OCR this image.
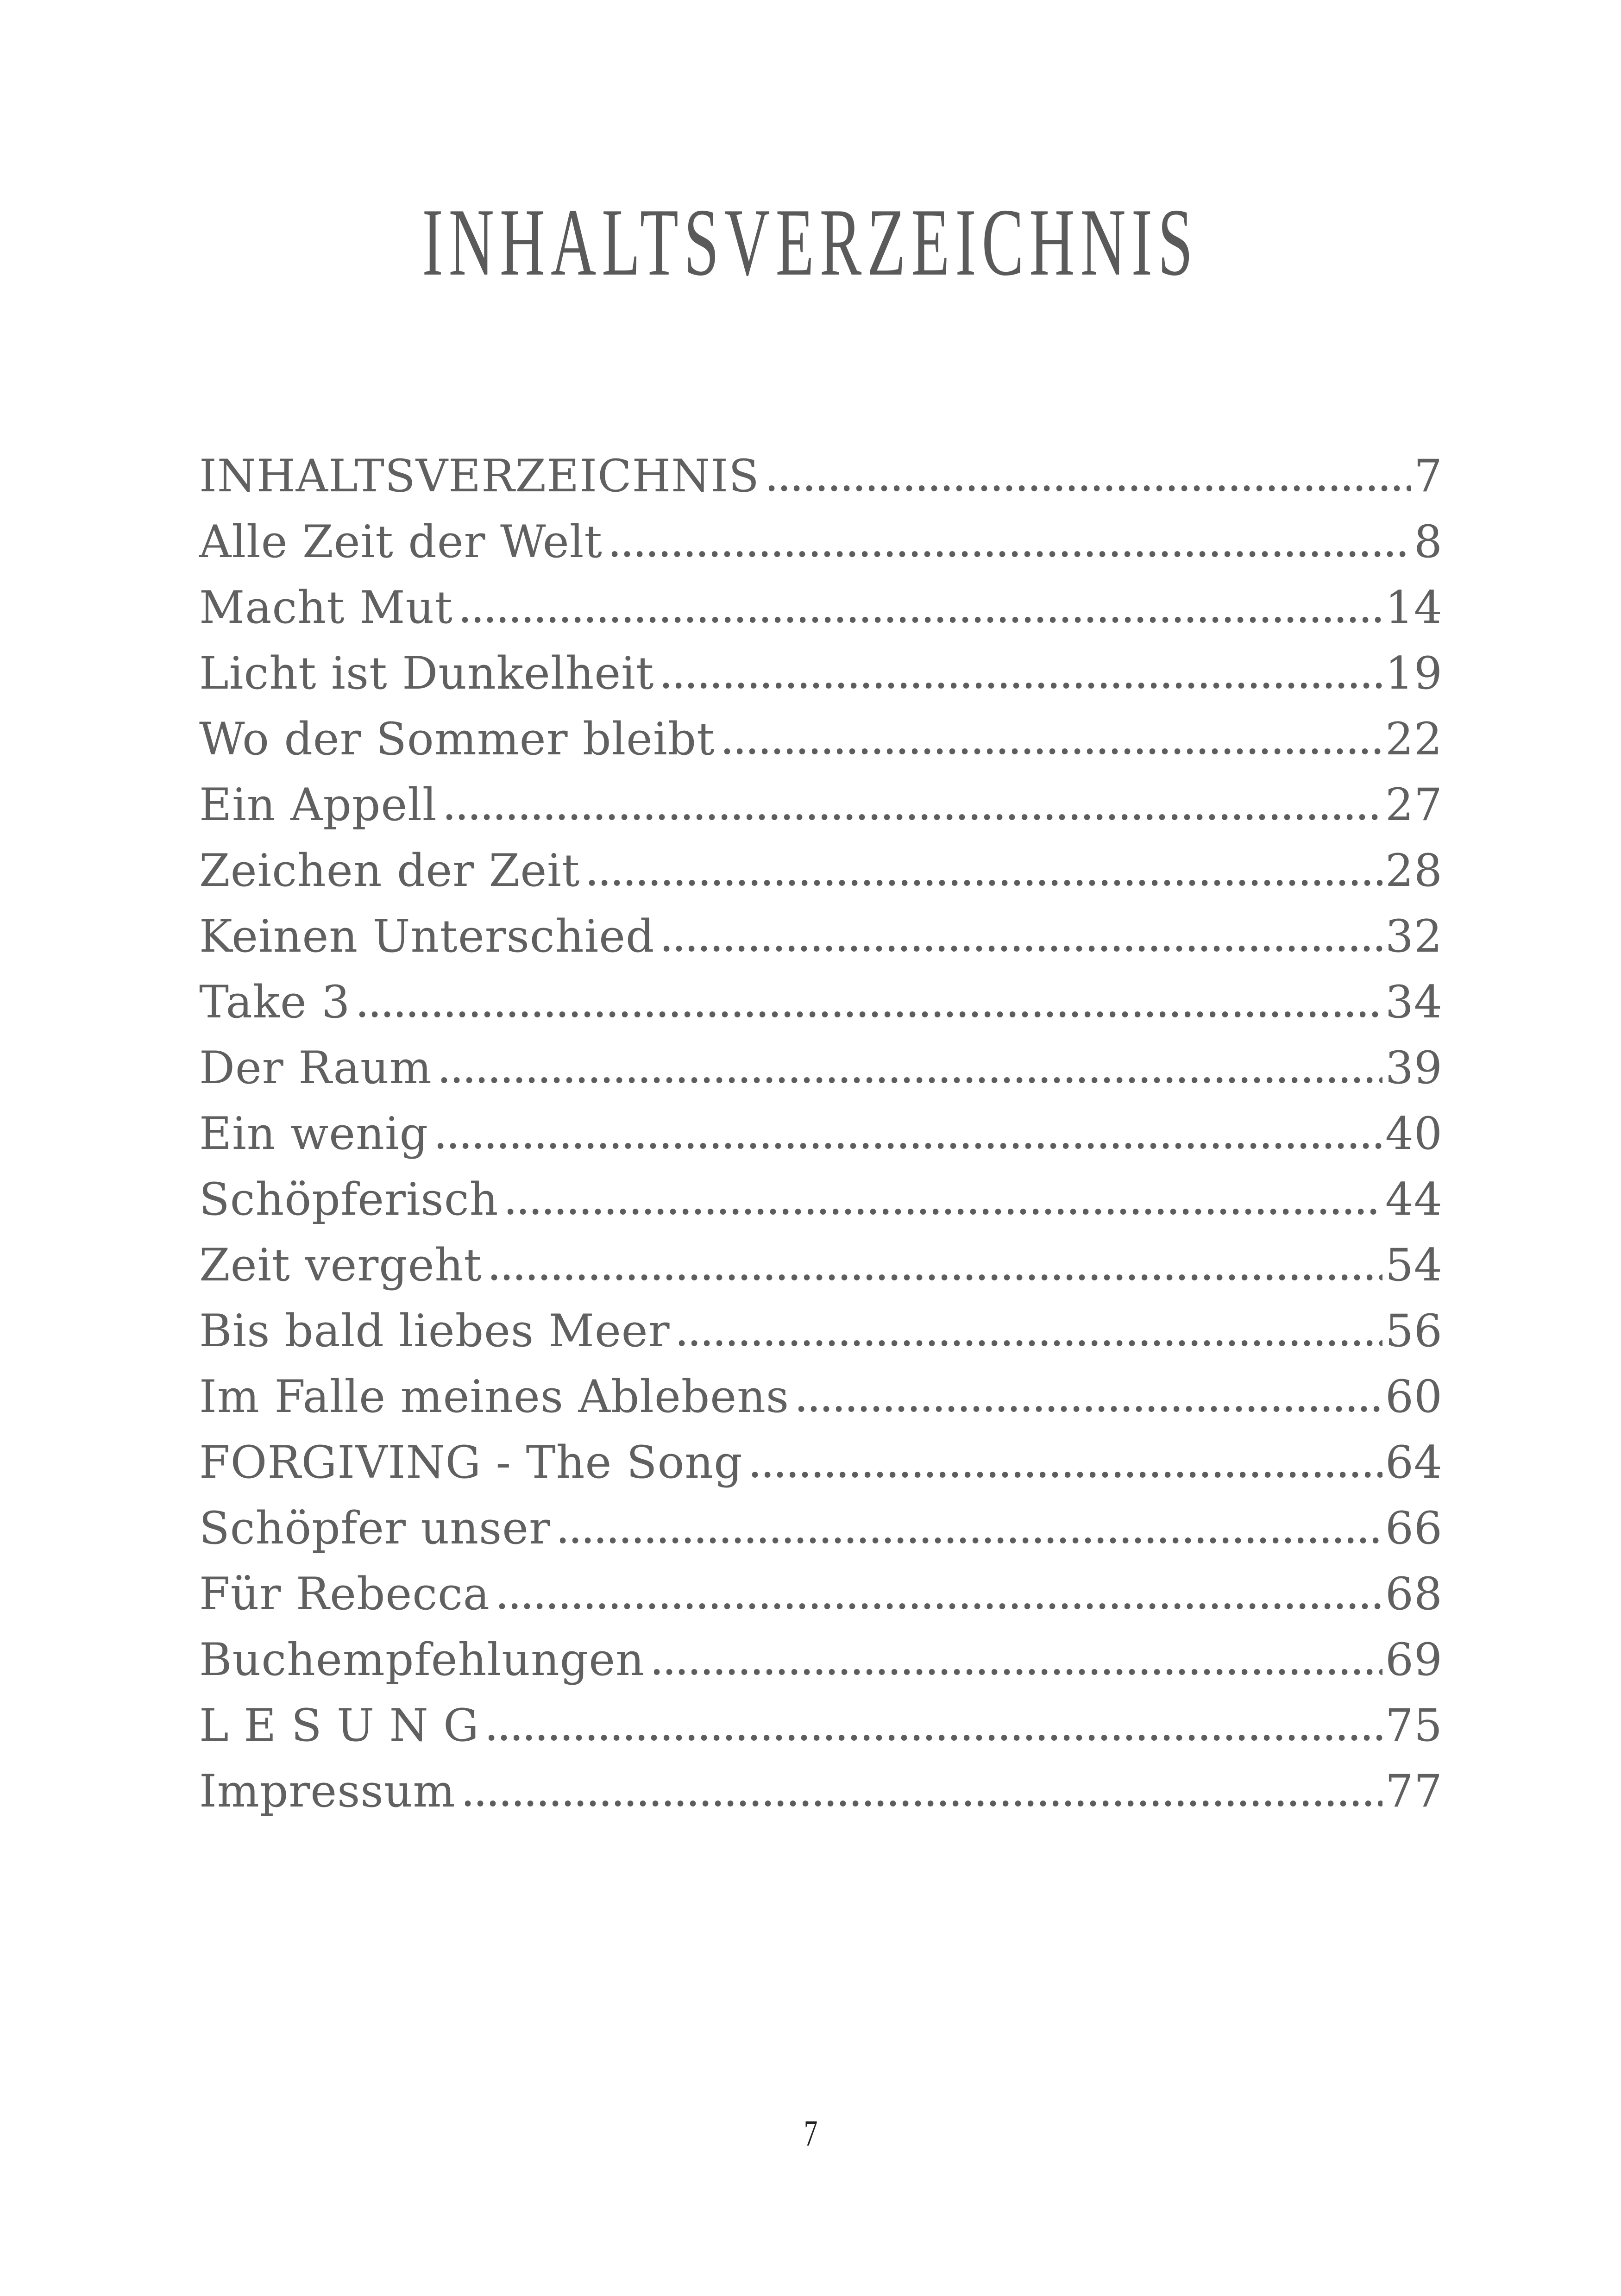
INHALTSVERZEICHNIS
INHALTSVERZEICHNIS	7
Alle Zeit der Welt	8
Macht Mut	14
Licht ist Dunkelheit	19
Wo der Sommer bleibt	22
Ein Appell	27
Zeichen der Zeit	28
Keinen Unterschied	32
Take 3	34
Der Raum	39
Ein wenig	40
Schöpferisch	44
Zeit vergeht	54
Bis bald liebes Meer	56
Im Falle meines Ablebens	60
FORGIVING - The Song	64
Schöpfer unser	66
Für Rebecca	68
Buchempfehlungen	69
L E S U N G	75
Impressum	77
7
